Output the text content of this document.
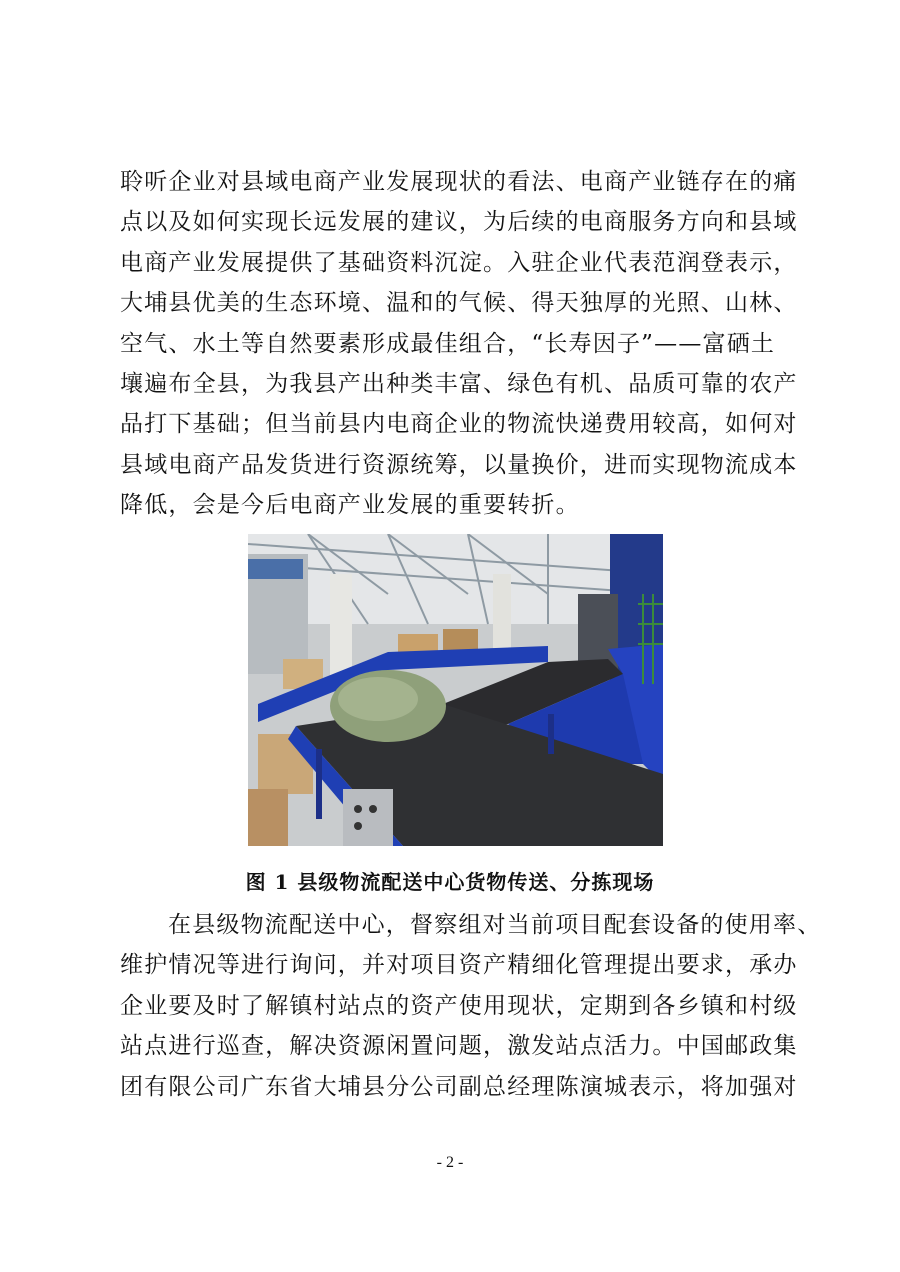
聆听企业对县域电商产业发展现状的看法、电商产业链存在的痛
点以及如何实现长远发展的建议，为后续的电商服务方向和县域
电商产业发展提供了基础资料沉淀。入驻企业代表范润登表示，
大埔县优美的生态环境、温和的气候、得天独厚的光照、山林、
空气、水土等自然要素形成最佳组合，“长寿因子”——富硒土
壤遍布全县，为我县产出种类丰富、绿色有机、品质可靠的农产
品打下基础；但当前县内电商企业的物流快递费用较高，如何对
县域电商产品发货进行资源统筹，以量换价，进而实现物流成本
降低，会是今后电商产业发展的重要转折。
图 1 县级物流配送中心货物传送、分拣现场
在县级物流配送中心，督察组对当前项目配套设备的使用率、
维护情况等进行询问，并对项目资产精细化管理提出要求，承办
企业要及时了解镇村站点的资产使用现状，定期到各乡镇和村级
站点进行巡查，解决资源闲置问题，激发站点活力。中国邮政集
团有限公司广东省大埔县分公司副总经理陈演城表示，将加强对
- 2 -
